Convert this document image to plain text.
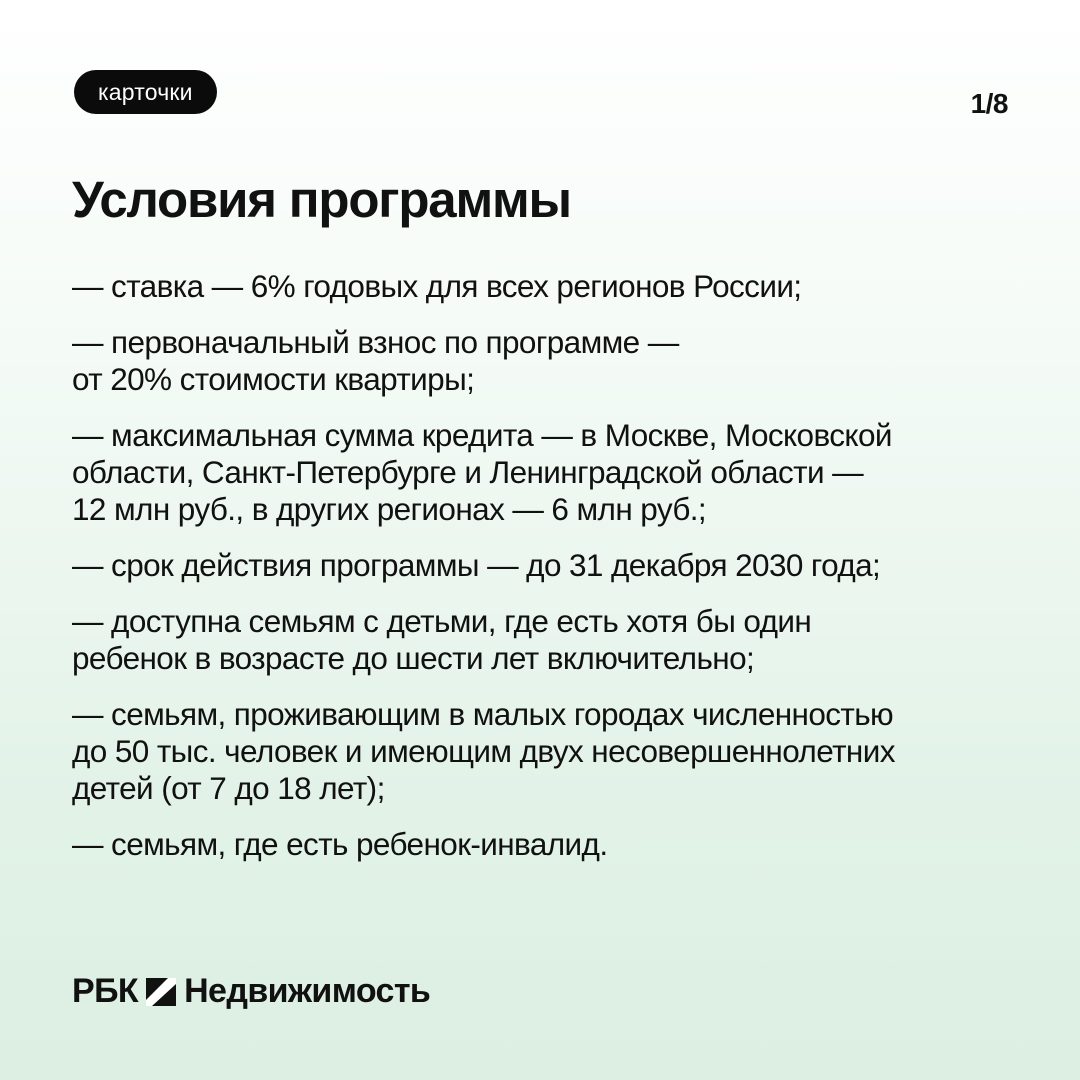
карточки	1/8
Условия программы
— ставка — 6% годовых для всех регионов России;
— первоначальный взнос по программе —
от 20% стоимости квартиры;
— максимальная сумма кредита — в Москве, Московской
области, Санкт-Петербурге и Ленинградской области —
12 млн руб., в других регионах — 6 млн руб.;
— срок действия программы — до 31 декабря 2030 года;
— доступна семьям с детьми, где есть хотя бы один
ребенок в возрасте до шести лет включительно;
— семьям, проживающим в малых городах численностью
до 50 тыс. человек и имеющим двух несовершеннолетних
детей (от 7 до 18 лет);
— семьям, где есть ребенок-инвалид.
РБК Недвижимость
